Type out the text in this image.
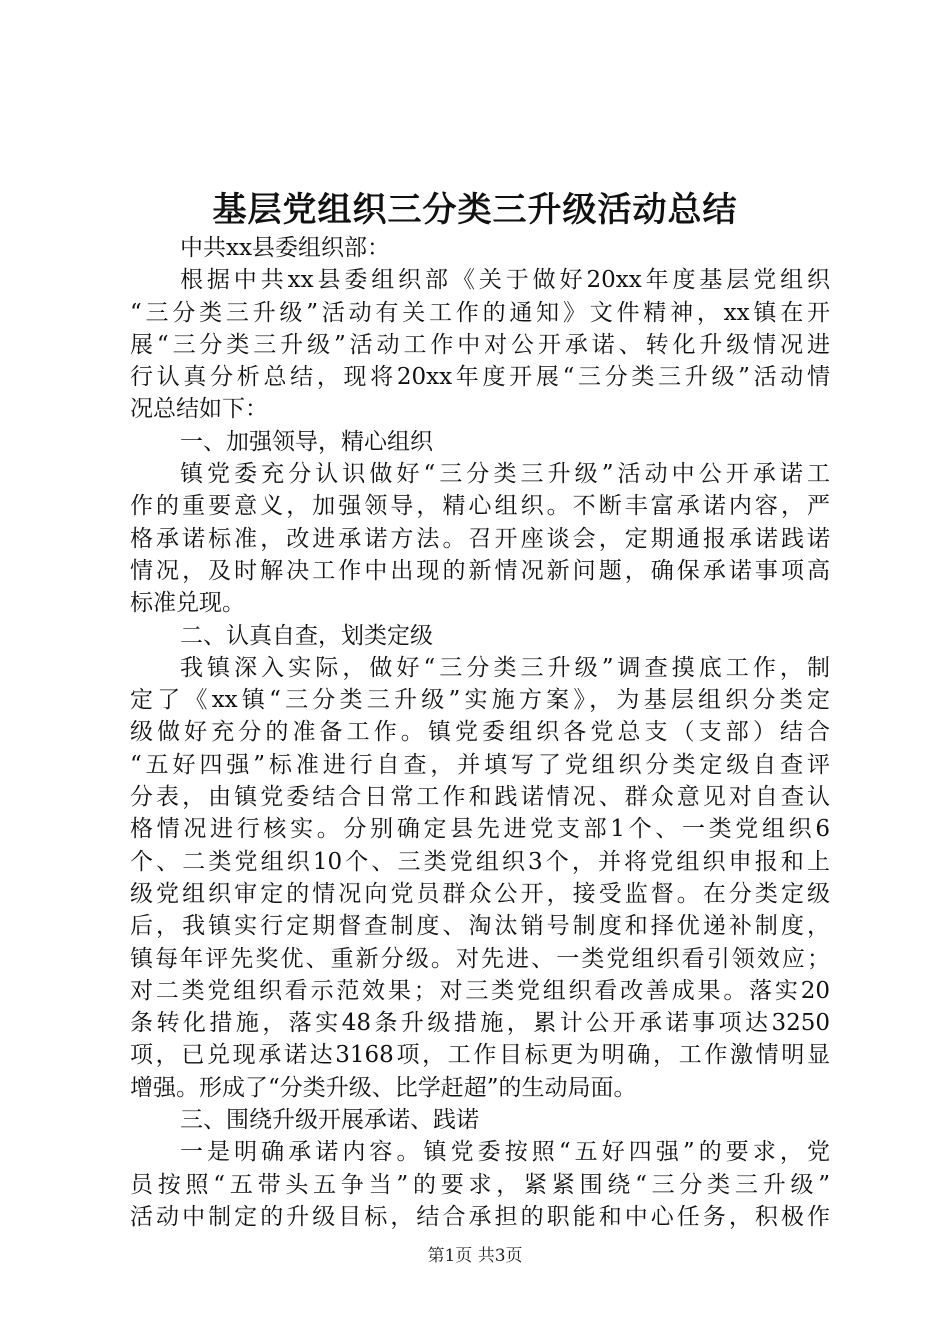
基层党组织三分类三升级活动总结
中共xx县委组织部：
根据中共xx县委组织部《关于做好20xx年度基层党组织
“三分类三升级”活动有关工作的通知》文件精神，xx镇在开
展“三分类三升级”活动工作中对公开承诺、转化升级情况进
行认真分析总结，现将20xx年度开展“三分类三升级”活动情
况总结如下：
一、加强领导，精心组织
镇党委充分认识做好“三分类三升级”活动中公开承诺工
作的重要意义，加强领导，精心组织。不断丰富承诺内容，严
格承诺标准，改进承诺方法。召开座谈会，定期通报承诺践诺
情况，及时解决工作中出现的新情况新问题，确保承诺事项高
标准兑现。
二、认真自查，划类定级
我镇深入实际，做好“三分类三升级”调查摸底工作，制
定了《xx镇“三分类三升级”实施方案》，为基层组织分类定
级做好充分的准备工作。镇党委组织各党总支（支部）结合
“五好四强”标准进行自查，并填写了党组织分类定级自查评
分表，由镇党委结合日常工作和践诺情况、群众意见对自查认
格情况进行核实。分别确定县先进党支部1个、一类党组织6
个、二类党组织10个、三类党组织3个，并将党组织申报和上
级党组织审定的情况向党员群众公开，接受监督。在分类定级
后，我镇实行定期督查制度、淘汰销号制度和择优递补制度，
镇每年评先奖优、重新分级。对先进、一类党组织看引领效应；
对二类党组织看示范效果；对三类党组织看改善成果。落实20
条转化措施，落实48条升级措施，累计公开承诺事项达3250
项，已兑现承诺达3168项，工作目标更为明确，工作激情明显
增强。形成了“分类升级、比学赶超”的生动局面。
三、围绕升级开展承诺、践诺
一是明确承诺内容。镇党委按照“五好四强”的要求，党
员按照“五带头五争当”的要求，紧紧围绕“三分类三升级”
活动中制定的升级目标，结合承担的职能和中心任务，积极作
第1页 共3页
